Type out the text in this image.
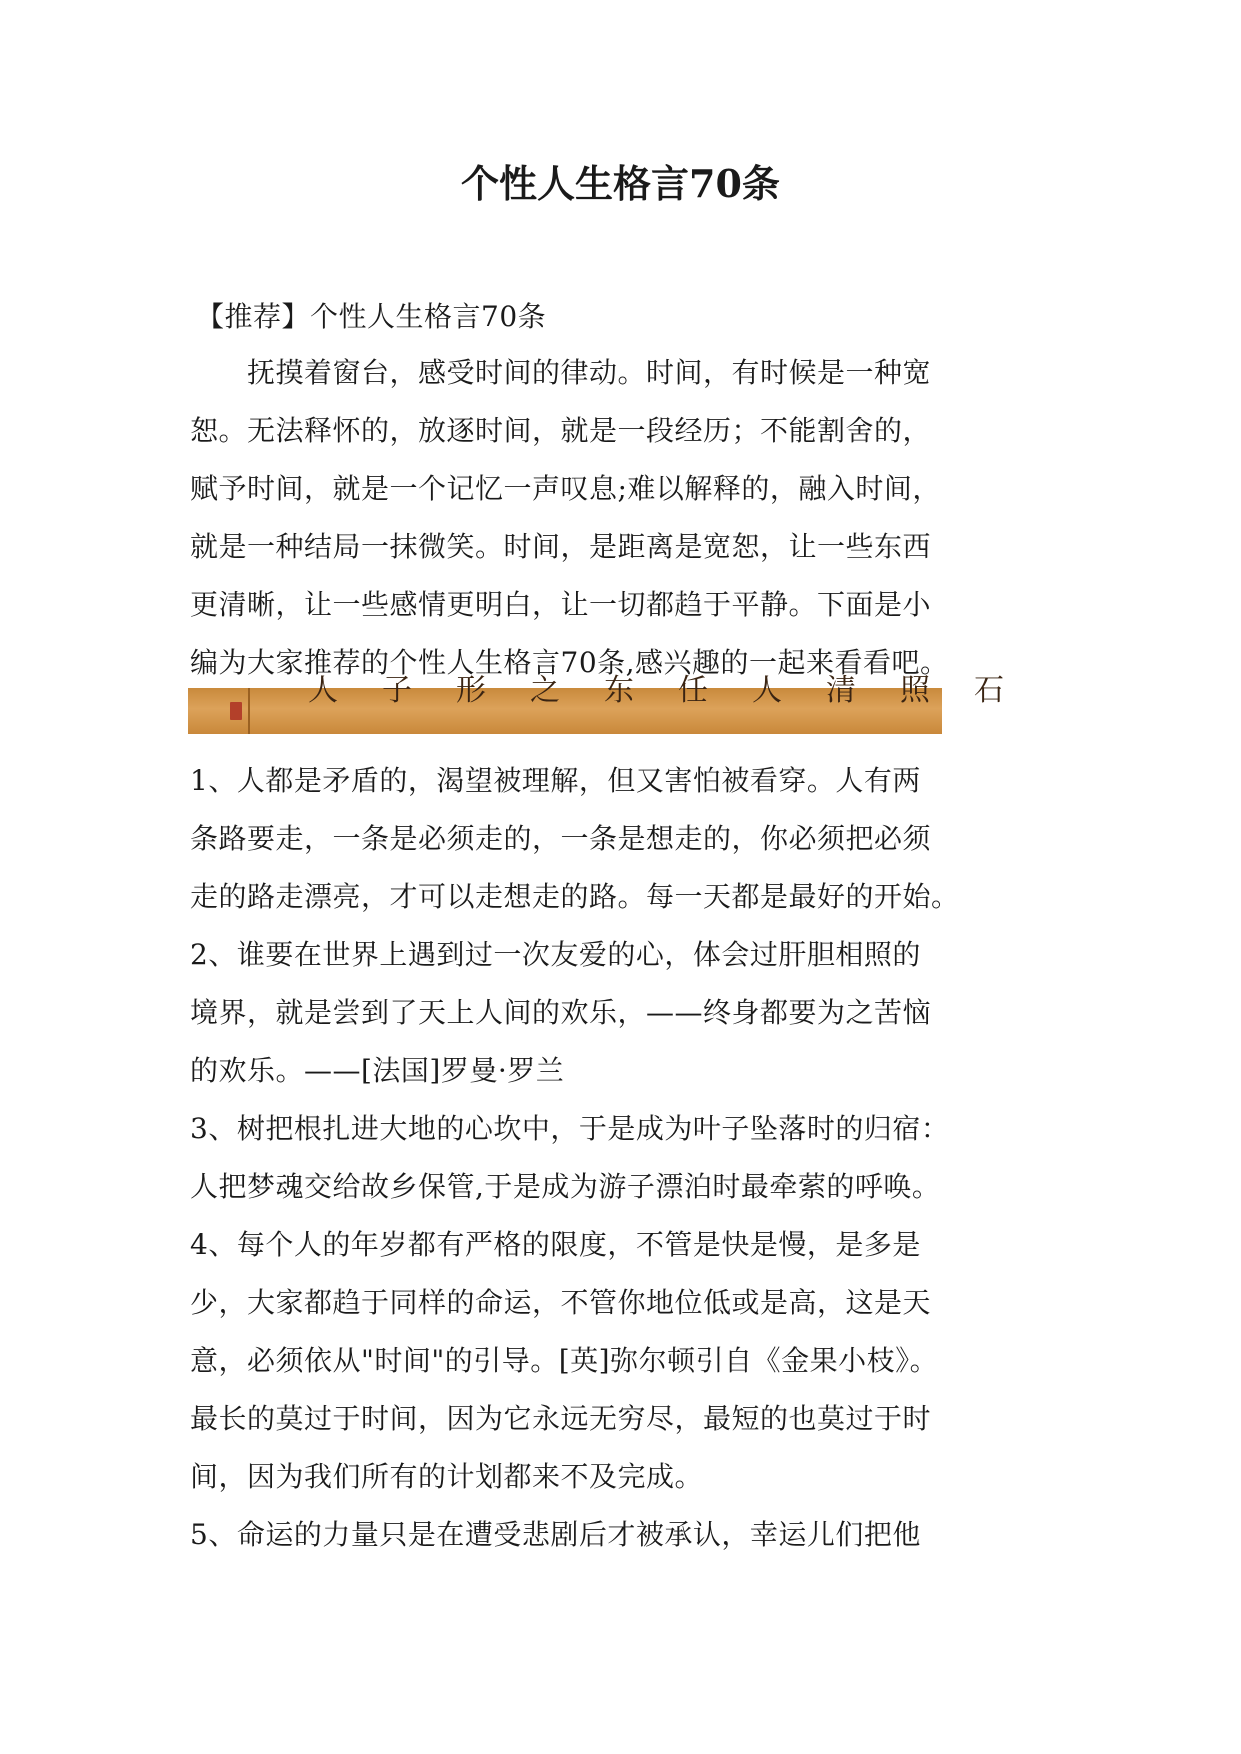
个性人生格言70条
【推荐】个性人生格言70条
　　抚摸着窗台，感受时间的律动。时间，有时候是一种宽
恕。无法释怀的，放逐时间，就是一段经历；不能割舍的，
赋予时间，就是一个记忆一声叹息;难以解释的，融入时间，
就是一种结局一抹微笑。时间，是距离是宽恕，让一些东西
更清晰，让一些感情更明白，让一切都趋于平静。下面是小
编为大家推荐的个性人生格言70条,感兴趣的一起来看看吧。
人子形之东任人清照石
1、人都是矛盾的，渴望被理解，但又害怕被看穿。人有两
条路要走，一条是必须走的，一条是想走的，你必须把必须
走的路走漂亮，才可以走想走的路。每一天都是最好的开始。
2、谁要在世界上遇到过一次友爱的心，体会过肝胆相照的
境界，就是尝到了天上人间的欢乐，——终身都要为之苦恼
的欢乐。——[法国]罗曼·罗兰
3、树把根扎进大地的心坎中，于是成为叶子坠落时的归宿：
人把梦魂交给故乡保管,于是成为游子漂泊时最牵萦的呼唤。
4、每个人的年岁都有严格的限度，不管是快是慢，是多是
少，大家都趋于同样的命运，不管你地位低或是高，这是天
意，必须依从"时间"的引导。[英]弥尔顿引自《金果小枝》。
最长的莫过于时间，因为它永远无穷尽，最短的也莫过于时
间，因为我们所有的计划都来不及完成。
5、命运的力量只是在遭受悲剧后才被承认，幸运儿们把他
